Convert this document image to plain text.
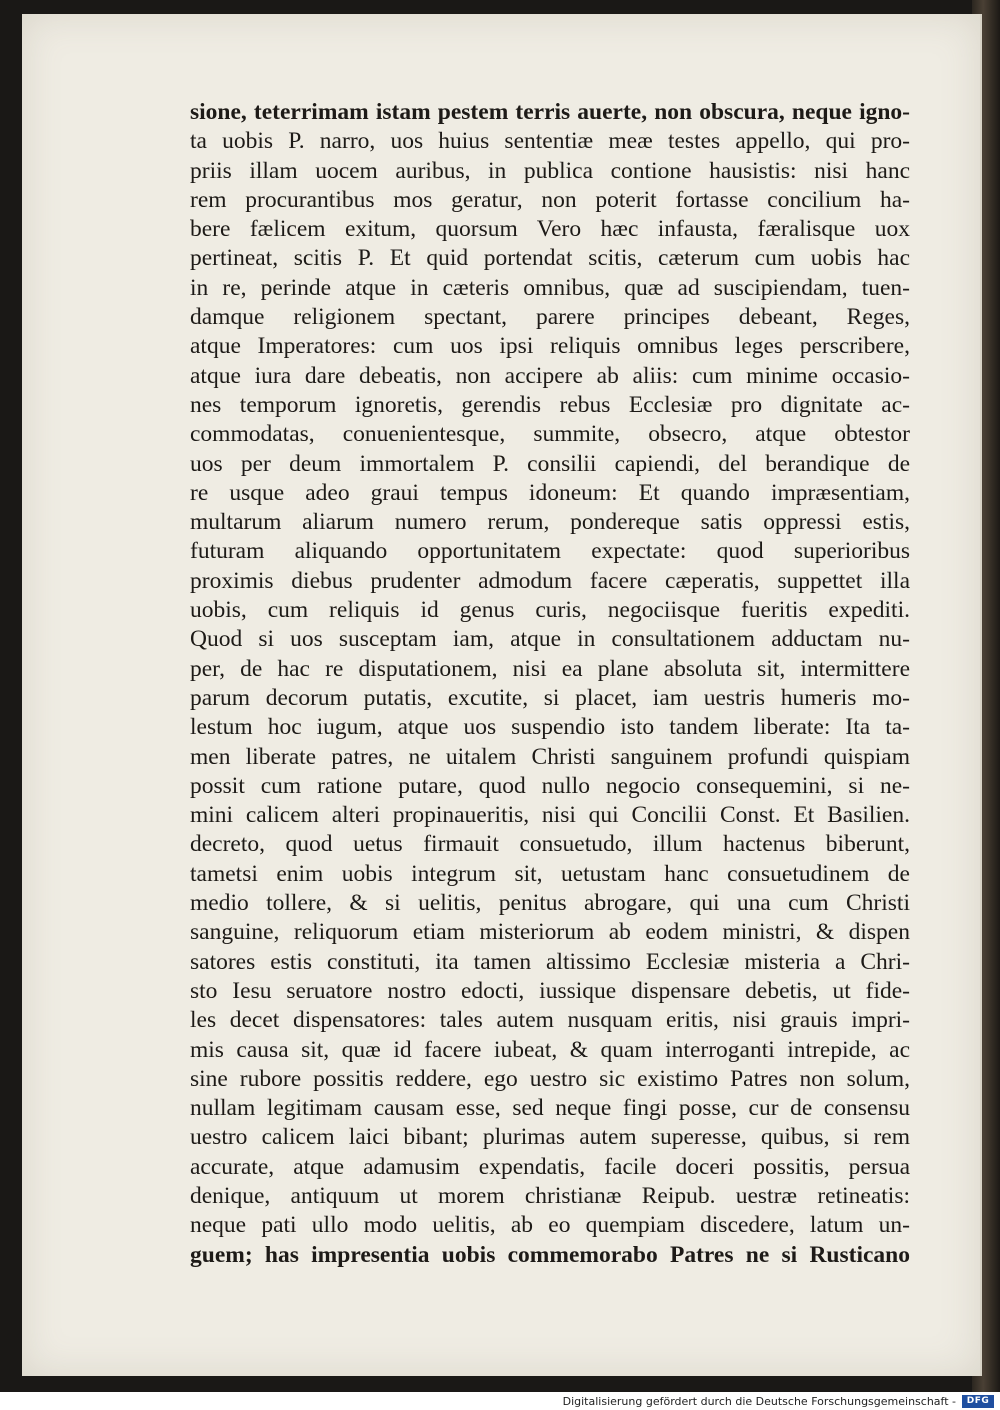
sione, teterrimam istam pestem terris auerte, non obscura, neque igno-
ta uobis P. narro, uos huius sententiæ meæ testes appello, qui pro-
priis illam uocem auribus, in publica contione hausistis: nisi hanc
rem procurantibus mos geratur, non poterit fortasse concilium ha-
bere fælicem exitum, quorsum Vero hæc infausta, færalisque uox
pertineat, scitis P. Et quid portendat scitis, cæterum cum uobis hac
in re, perinde atque in cæteris omnibus, quæ ad suscipiendam, tuen-
damque religionem spectant, parere principes debeant, Reges,
atque Imperatores: cum uos ipsi reliquis omnibus leges perscribere,
atque iura dare debeatis, non accipere ab aliis: cum minime occasio-
nes temporum ignoretis, gerendis rebus Ecclesiæ pro dignitate ac-
commodatas, conuenientesque, summite, obsecro, atque obtestor
uos per deum immortalem P. consilii capiendi, del berandique de
re usque adeo graui tempus idoneum: Et quando impræsentiam,
multarum aliarum numero rerum, pondereque satis oppressi estis,
futuram aliquando opportunitatem expectate: quod superioribus
proximis diebus prudenter admodum facere cæperatis, suppettet illa
uobis, cum reliquis id genus curis, negociisque fueritis expediti.
Quod si uos susceptam iam, atque in consultationem adductam nu-
per, de hac re disputationem, nisi ea plane absoluta sit, intermittere
parum decorum putatis, excutite, si placet, iam uestris humeris mo-
lestum hoc iugum, atque uos suspendio isto tandem liberate: Ita ta-
men liberate patres, ne uitalem Christi sanguinem profundi quispiam
possit cum ratione putare, quod nullo negocio consequemini, si ne-
mini calicem alteri propinaueritis, nisi qui Concilii Const. Et Basilien.
decreto, quod uetus firmauit consuetudo, illum hactenus biberunt,
tametsi enim uobis integrum sit, uetustam hanc consuetudinem de
medio tollere, & si uelitis, penitus abrogare, qui una cum Christi
sanguine, reliquorum etiam misteriorum ab eodem ministri, & dispen
satores estis constituti, ita tamen altissimo Ecclesiæ misteria a Chri-
sto Iesu seruatore nostro edocti, iussique dispensare debetis, ut fide-
les decet dispensatores: tales autem nusquam eritis, nisi grauis impri-
mis causa sit, quæ id facere iubeat, & quam interroganti intrepide, ac
sine rubore possitis reddere, ego uestro sic existimo Patres non solum,
nullam legitimam causam esse, sed neque fingi posse, cur de consensu
uestro calicem laici bibant; plurimas autem superesse, quibus, si rem
accurate, atque adamusim expendatis, facile doceri possitis, persua
denique, antiquum ut morem christianæ Reipub. uestræ retineatis:
neque pati ullo modo uelitis, ab eo quempiam discedere, latum un-
guem; has impresentia uobis commemorabo Patres ne si Rusticano
Digitalisierung gefördert durch die Deutsche Forschungsgemeinschaft -	DFG
